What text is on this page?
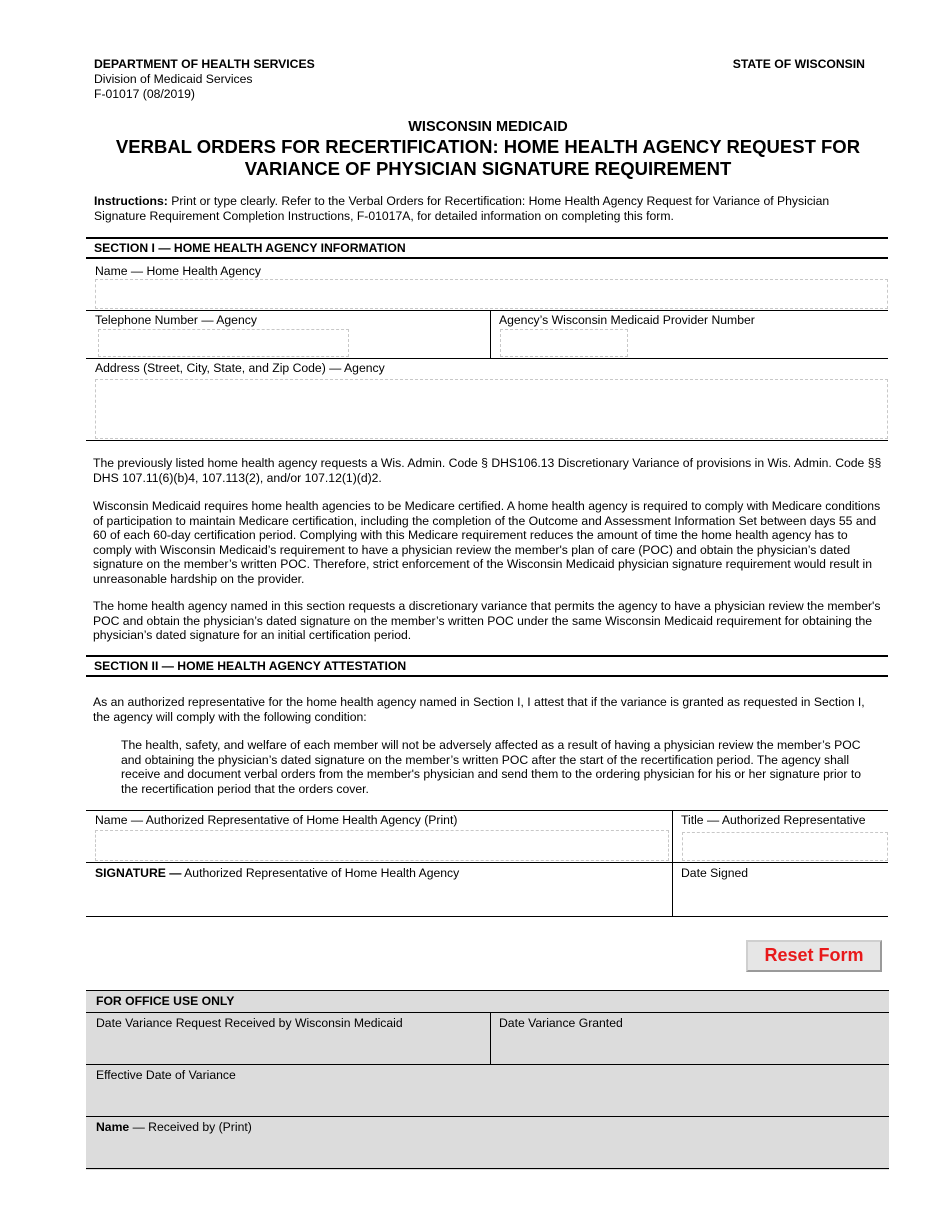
DEPARTMENT OF HEALTH SERVICES
Division of Medicaid Services
F-01017 (08/2019)
STATE OF WISCONSIN
WISCONSIN MEDICAID
VERBAL ORDERS FOR RECERTIFICATION: HOME HEALTH AGENCY REQUEST FOR
VARIANCE OF PHYSICIAN SIGNATURE REQUIREMENT
Instructions: Print or type clearly. Refer to the Verbal Orders for Recertification: Home Health Agency Request for Variance of Physician Signature Requirement Completion Instructions, F-01017A, for detailed information on completing this form.
SECTION I — HOME HEALTH AGENCY INFORMATION
Name — Home Health Agency
Telephone Number — Agency	Agency’s Wisconsin Medicaid Provider Number
Address (Street, City, State, and Zip Code) — Agency
The previously listed home health agency requests a Wis. Admin. Code § DHS106.13 Discretionary Variance of provisions in Wis. Admin. Code §§ DHS 107.11(6)(b)4, 107.113(2), and/or 107.12(1)(d)2.
Wisconsin Medicaid requires home health agencies to be Medicare certified. A home health agency is required to comply with Medicare conditions of participation to maintain Medicare certification, including the completion of the Outcome and Assessment Information Set between days 55 and 60 of each 60-day certification period. Complying with this Medicare requirement reduces the amount of time the home health agency has to comply with Wisconsin Medicaid’s requirement to have a physician review the member's plan of care (POC) and obtain the physician’s dated signature on the member’s written POC. Therefore, strict enforcement of the Wisconsin Medicaid physician signature requirement would result in unreasonable hardship on the provider.
The home health agency named in this section requests a discretionary variance that permits the agency to have a physician review the member's POC and obtain the physician’s dated signature on the member’s written POC under the same Wisconsin Medicaid requirement for obtaining the physician’s dated signature for an initial certification period.
SECTION II — HOME HEALTH AGENCY ATTESTATION
As an authorized representative for the home health agency named in Section I, I attest that if the variance is granted as requested in Section I, the agency will comply with the following condition:
The health, safety, and welfare of each member will not be adversely affected as a result of having a physician review the member’s POC and obtaining the physician’s dated signature on the member’s written POC after the start of the recertification period. The agency shall receive and document verbal orders from the member's physician and send them to the ordering physician for his or her signature prior to the recertification period that the orders cover.
Name — Authorized Representative of Home Health Agency (Print)	Title — Authorized Representative
SIGNATURE — Authorized Representative of Home Health Agency	Date Signed
Reset Form
FOR OFFICE USE ONLY
Date Variance Request Received by Wisconsin Medicaid	Date Variance Granted
Effective Date of Variance
Name — Received by (Print)
